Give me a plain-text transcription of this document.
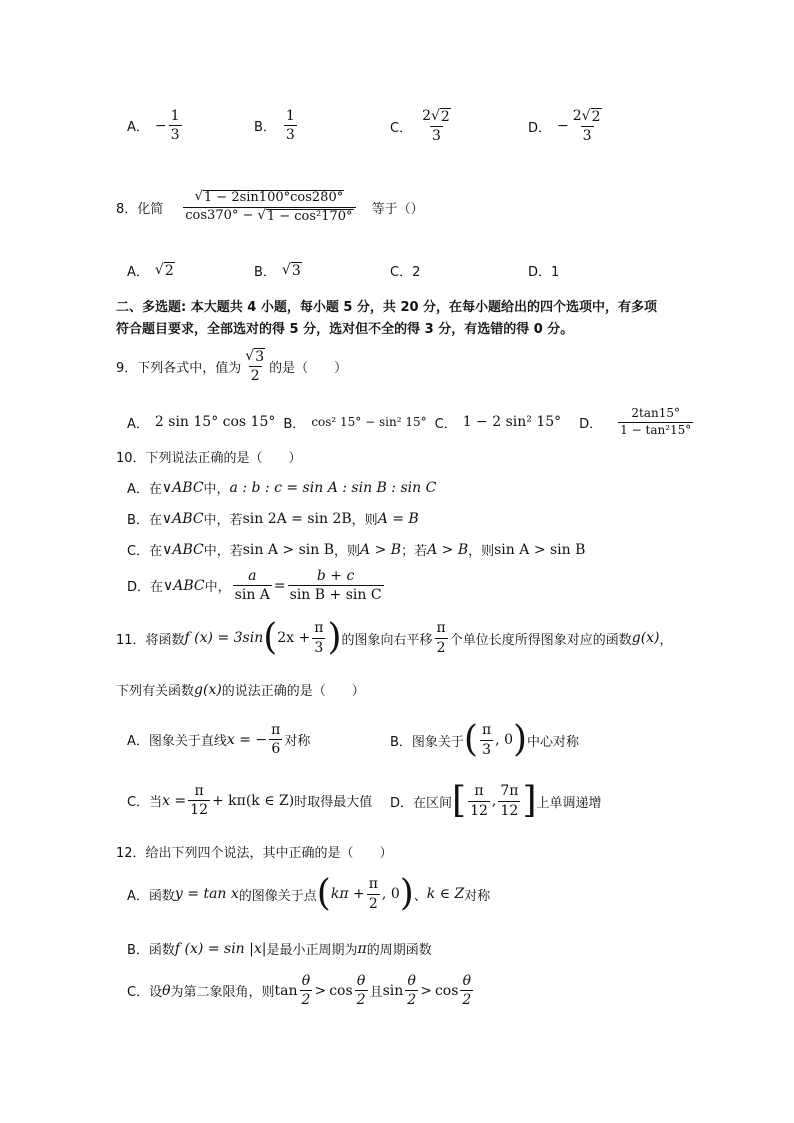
A． − $\frac{1}{3}$	B． $\frac{1}{3}$	C． $\frac{2 √ 2}{3}$	D． − $\frac{2 √ 2}{3}$
8．化简 $\frac{√ 1 - 2\sin 100^\circ\cos 280^\circ}{\text{cos370° − √ 1 − cos²170°}}$ 等于（）
A． √ 2	B． √ 3	C．2	D．1
二、多选题: 本大题共 4 小题，每小题 5 分，共 20 分，在每小题给出的四个选项中，有多项
符合题目要求，全部选对的得 5 分，选对但不全的得 3 分，有选错的得 0 分。
9．下列各式中，值为 $\frac{√ 3}{2}$ 的是（　　）
A． 2 sin 15° cos 15° B． cos² 15° − sin² 15° C． 1 − 2 sin² 15° D． $\frac{2\tan 15^\circ}{\text{1 − tan²15°}}$
10．下列说法正确的是（　　）
A．在 ∨ ABC 中， a : b : c = sin A : sin B : sin C
B．在 ∨ ABC 中，若 sin 2A = sin 2B ，则 A = B
C．在 ∨ ABC 中，若 sin A > sin B ，则 A > B ；若 A > B ，则 sin A > sin B
D．在 ∨ ABC 中， $\frac{a}{\text{sin A}} = \frac{b + c}{\text{sin B + sin C}}$
11．将函数 f (x) = 3sin ( $2x + \frac{\pi}{3}$ ) 的图象向右平移 $\frac{\pi}{2}$ 个单位长度所得图象对应的函数 g(x) ，
下列有关函数 g(x) 的说法正确的是（　　）
A．图象关于直线 x = − $\frac{\pi}{6}$ 对称	B．图象关于 ( $\frac{\pi}{3}$ , 0 ) 中心对称
C．当 $x = \frac{\pi}{12} + k\pi(k$ ∈ Z) 时取得最大值 D．在区间 [ $\frac{\pi}{12}$ , $\frac{7\pi}{12}$ ] 上单调递增
12．给出下列四个说法，其中正确的是（　　）
A．函数 y = tan x 的图像关于点 ( $k\pi + \frac{\pi}{2}$ , 0 ) 、 k ∈ Z 对称
B．函数 f (x) = sin |x| 是最小正周期为 π 的周期函数
C．设 θ 为第二象限角，则 $\tan \frac{\theta}{2} > \cos \frac{\theta}{2}$ 且 $\sin \frac{\theta}{2} > \cos \frac{\theta}{2}$
